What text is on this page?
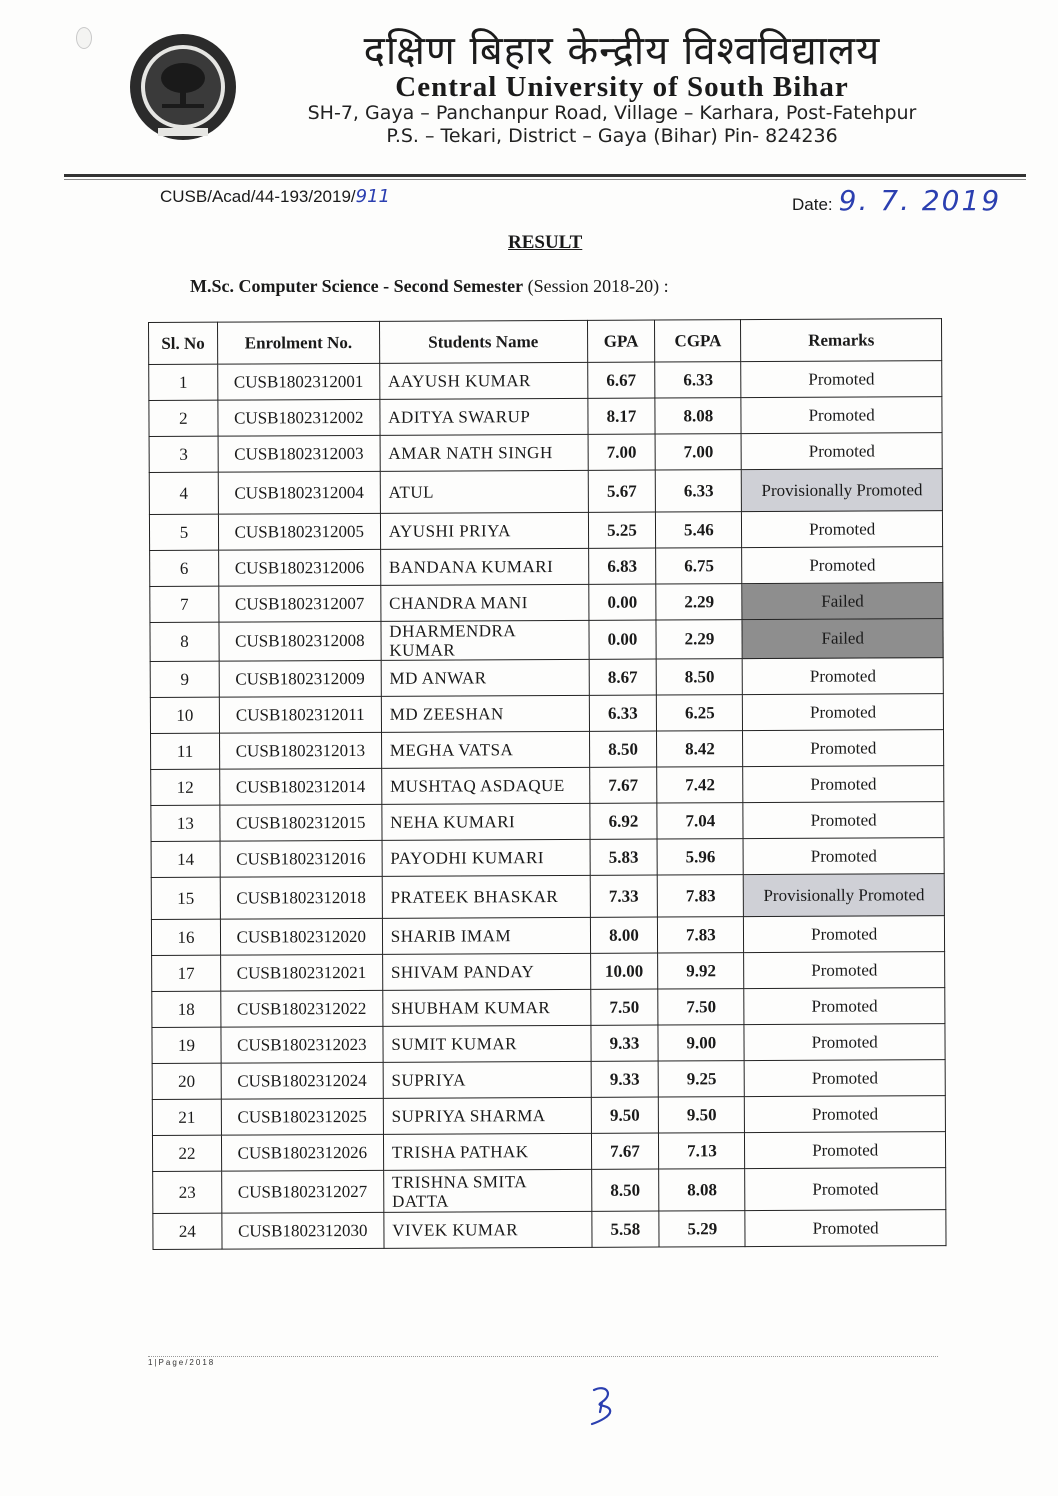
दक्षिण बिहार केन्द्रीय विश्वविद्यालय
Central University of South Bihar
SH-7, Gaya – Panchanpur Road, Village – Karhara, Post-Fatehpur
P.S. – Tekari, District – Gaya (Bihar) Pin- 824236
CUSB/Acad/44-193/2019/911	Date: 9. 7. 2019
RESULT
M.Sc. Computer Science - Second Semester (Session 2018-20) :
Sl. No	Enrolment No.	Students Name	GPA	CGPA	Remarks
1	CUSB1802312001	AAYUSH KUMAR	6.67	6.33	Promoted
2	CUSB1802312002	ADITYA SWARUP	8.17	8.08	Promoted
3	CUSB1802312003	AMAR NATH SINGH	7.00	7.00	Promoted
4	CUSB1802312004	ATUL	5.67	6.33	Provisionally Promoted
5	CUSB1802312005	AYUSHI PRIYA	5.25	5.46	Promoted
6	CUSB1802312006	BANDANA KUMARI	6.83	6.75	Promoted
7	CUSB1802312007	CHANDRA MANI	0.00	2.29	Failed
8	CUSB1802312008	DHARMENDRA KUMAR	0.00	2.29	Failed
9	CUSB1802312009	MD ANWAR	8.67	8.50	Promoted
10	CUSB1802312011	MD ZEESHAN	6.33	6.25	Promoted
11	CUSB1802312013	MEGHA VATSA	8.50	8.42	Promoted
12	CUSB1802312014	MUSHTAQ ASDAQUE	7.67	7.42	Promoted
13	CUSB1802312015	NEHA KUMARI	6.92	7.04	Promoted
14	CUSB1802312016	PAYODHI KUMARI	5.83	5.96	Promoted
15	CUSB1802312018	PRATEEK BHASKAR	7.33	7.83	Provisionally Promoted
16	CUSB1802312020	SHARIB IMAM	8.00	7.83	Promoted
17	CUSB1802312021	SHIVAM PANDAY	10.00	9.92	Promoted
18	CUSB1802312022	SHUBHAM KUMAR	7.50	7.50	Promoted
19	CUSB1802312023	SUMIT KUMAR	9.33	9.00	Promoted
20	CUSB1802312024	SUPRIYA	9.33	9.25	Promoted
21	CUSB1802312025	SUPRIYA SHARMA	9.50	9.50	Promoted
22	CUSB1802312026	TRISHA PATHAK	7.67	7.13	Promoted
23	CUSB1802312027	TRISHNA SMITA DATTA	8.50	8.08	Promoted
24	CUSB1802312030	VIVEK KUMAR	5.58	5.29	Promoted
1|Page/2018
